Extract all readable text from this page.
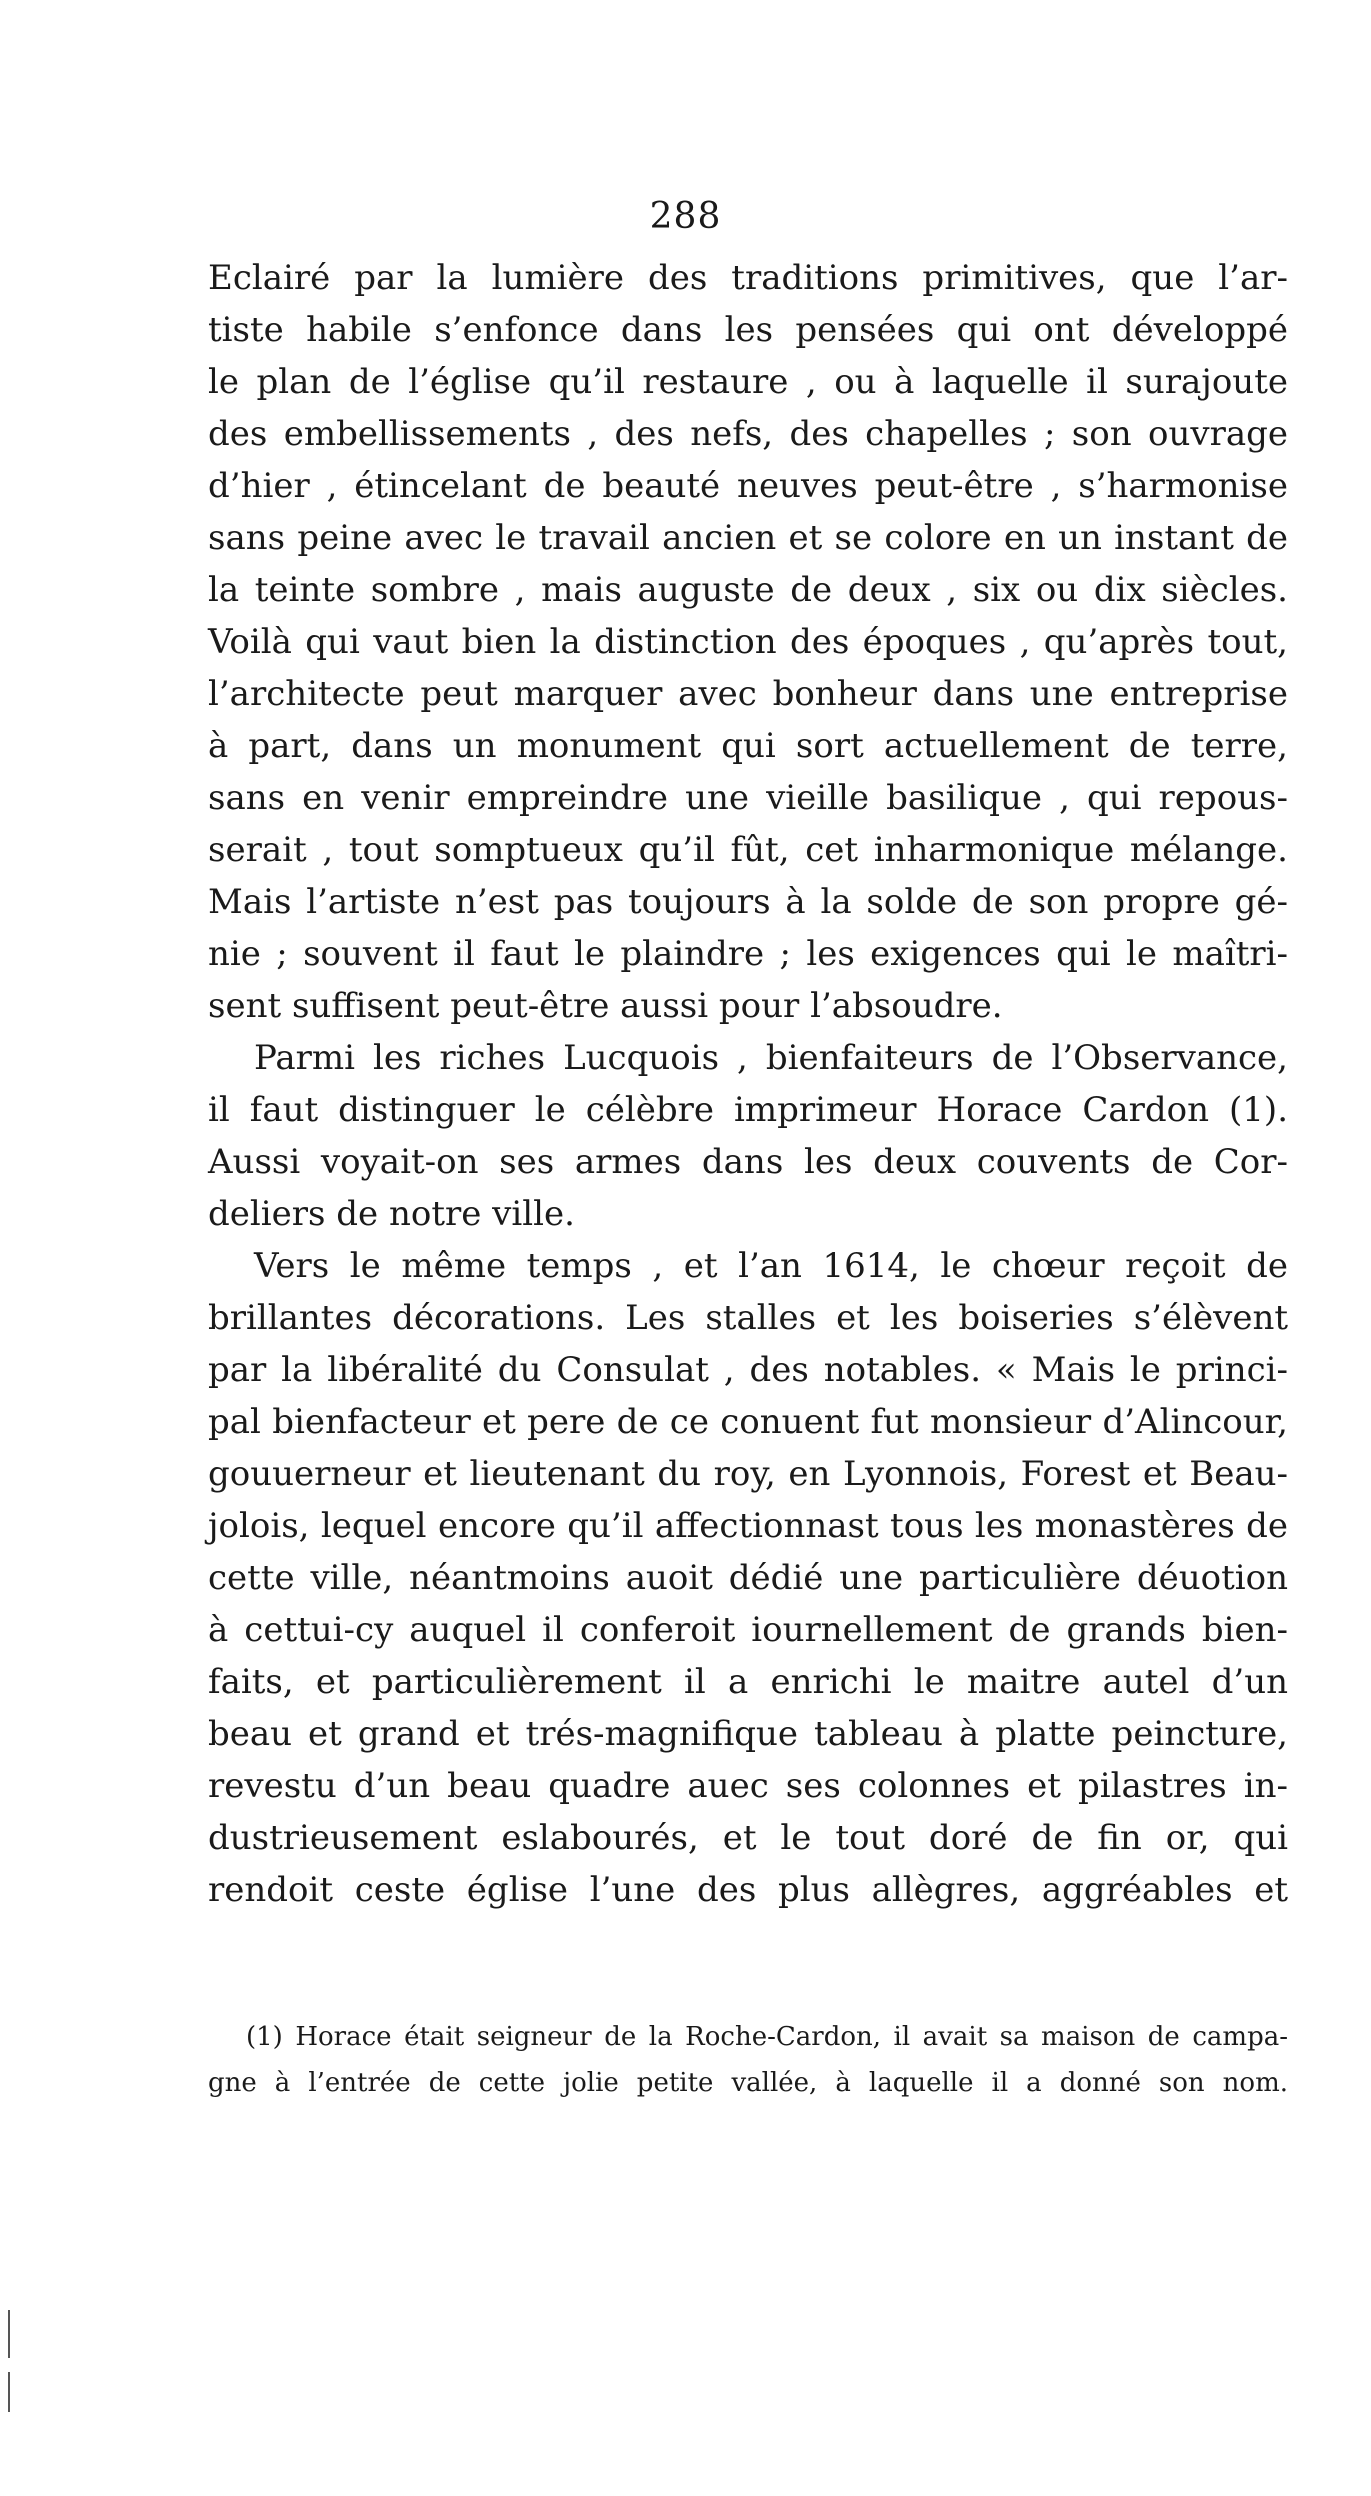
288
Eclairé par la lumière des traditions primitives, que l’ar-
tiste habile s’enfonce dans les pensées qui ont développé
le plan de l’église qu’il restaure , ou à laquelle il surajoute
des embellissements , des nefs, des chapelles ; son ouvrage
d’hier , étincelant de beauté neuves peut-être , s’harmonise
sans peine avec le travail ancien et se colore en un instant de
la teinte sombre , mais auguste de deux , six ou dix siècles.
Voilà qui vaut bien la distinction des époques , qu’après tout,
l’architecte peut marquer avec bonheur dans une entreprise
à part, dans un monument qui sort actuellement de terre,
sans en venir empreindre une vieille basilique , qui repous-
serait , tout somptueux qu’il fût, cet inharmonique mélange.
Mais l’artiste n’est pas toujours à la solde de son propre gé-
nie ; souvent il faut le plaindre ; les exigences qui le maîtri-
sent suffisent peut-être aussi pour l’absoudre.
Parmi les riches Lucquois , bienfaiteurs de l’Observance,
il faut distinguer le célèbre imprimeur Horace Cardon (1).
Aussi voyait-on ses armes dans les deux couvents de Cor-
deliers de notre ville.
Vers le même temps , et l’an 1614, le chœur reçoit de
brillantes décorations. Les stalles et les boiseries s’élèvent
par la libéralité du Consulat , des notables. « Mais le princi-
pal bienfacteur et pere de ce conuent fut monsieur d’Alincour,
gouuerneur et lieutenant du roy, en Lyonnois, Forest et Beau-
jolois, lequel encore qu’il affectionnast tous les monastères de
cette ville, néantmoins auoit dédié une particulière déuotion
à cettui-cy auquel il conferoit iournellement de grands bien-
faits, et particulièrement il a enrichi le maitre autel d’un
beau et grand et trés-magnifique tableau à platte peincture,
revestu d’un beau quadre auec ses colonnes et pilastres in-
dustrieusement eslabourés, et le tout doré de fin or, qui
rendoit ceste église l’une des plus allègres, aggréables et
(1) Horace était seigneur de la Roche-Cardon, il avait sa maison de campa-
gne à l’entrée de cette jolie petite vallée, à laquelle il a donné son nom.
